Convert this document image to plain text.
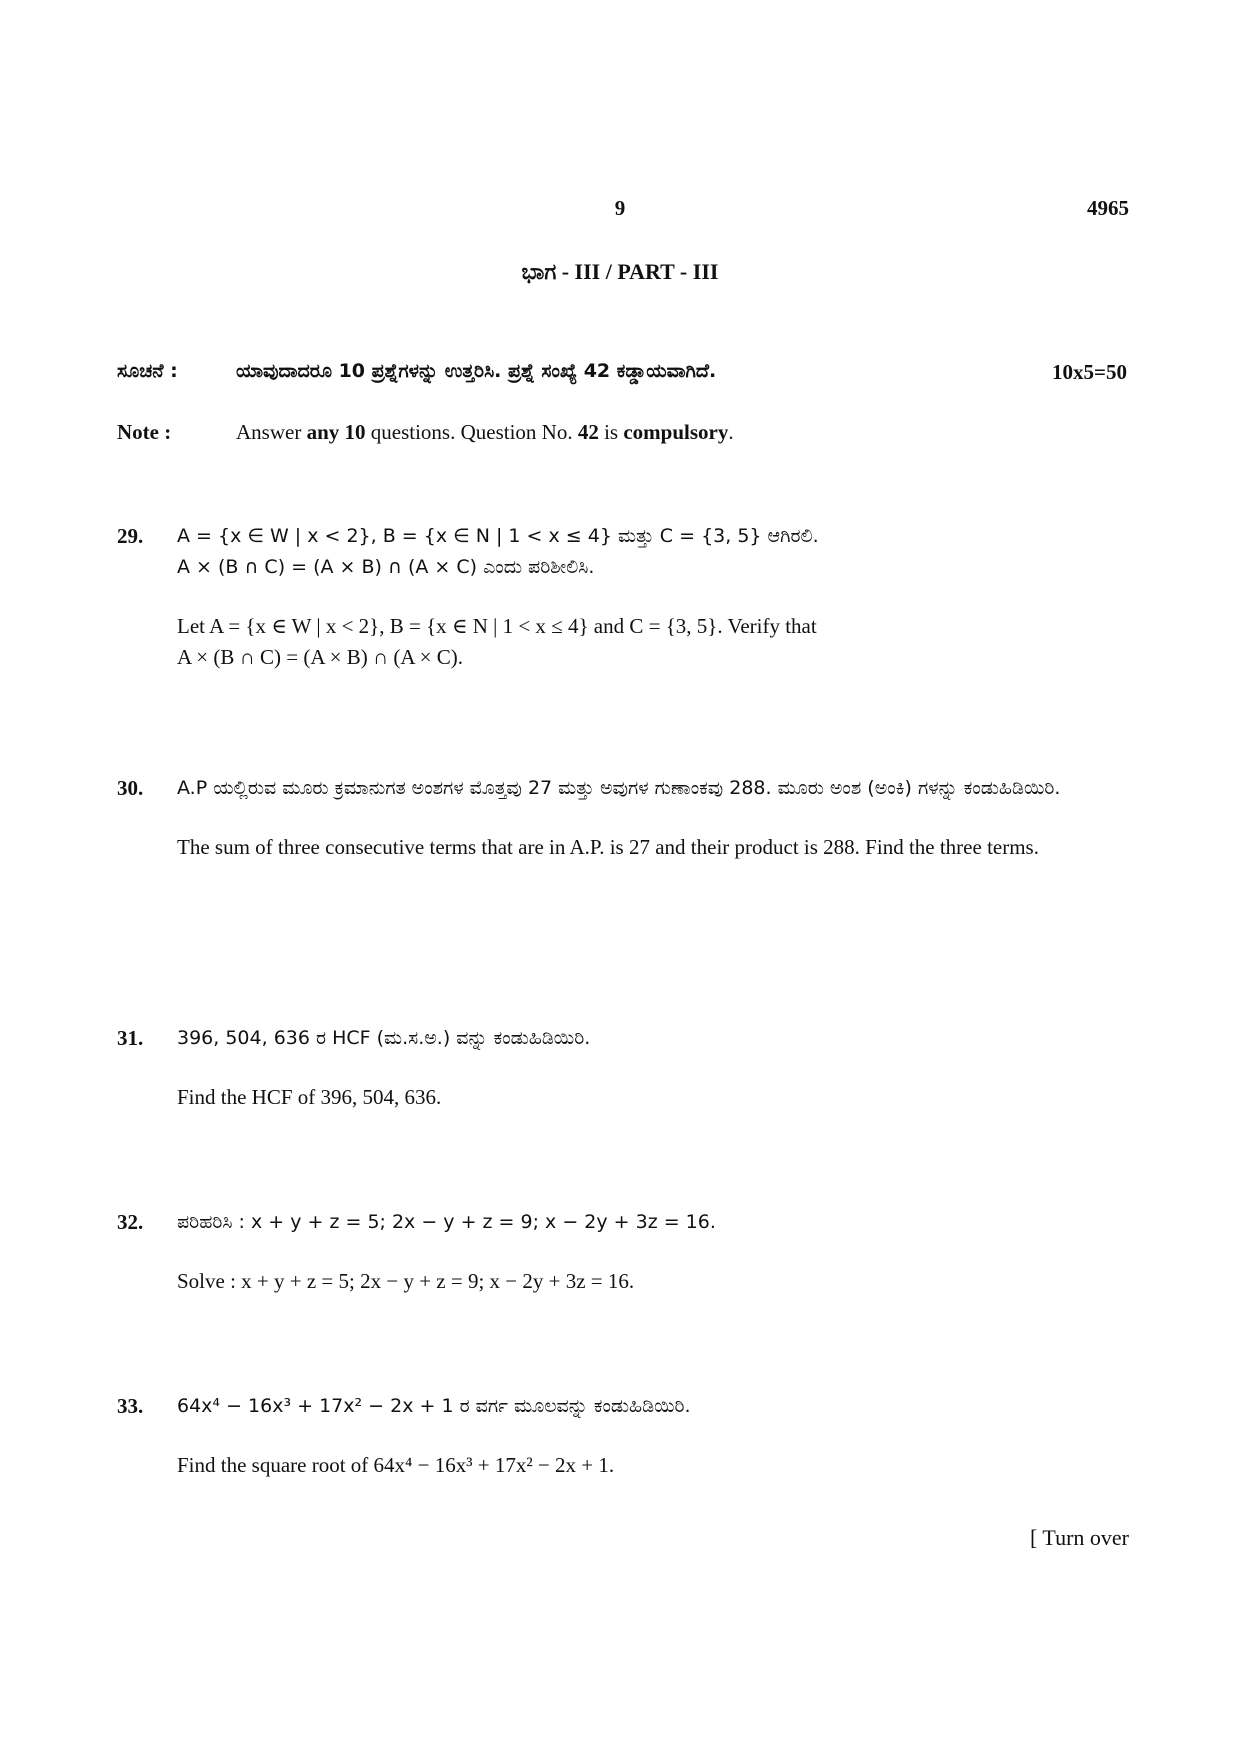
9	4965
ಭಾಗ - III / PART - III
ಸೂಚನೆ :	ಯಾವುದಾದರೂ 10 ಪ್ರಶ್ನೆಗಳನ್ನು ಉತ್ತರಿಸಿ. ಪ್ರಶ್ನೆ ಸಂಖ್ಯೆ 42 ಕಡ್ಡಾಯವಾಗಿದೆ.	10x5=50
Note :	Answer any 10 questions. Question No. 42 is compulsory.
29. A = {x ∈ W | x < 2}, B = {x ∈ N | 1 < x ≤ 4} ಮತ್ತು C = {3, 5} ಆಗಿರಲಿ.
A × (B ∩ C) = (A × B) ∩ (A × C) ಎಂದು ಪರಿಶೀಲಿಸಿ.

Let A = {x ∈ W | x < 2}, B = {x ∈ N | 1 < x ≤ 4} and C = {3, 5}. Verify that
A × (B ∩ C) = (A × B) ∩ (A × C).

30. A.P ಯಲ್ಲಿರುವ ಮೂರು ಕ್ರಮಾನುಗತ ಅಂಶಗಳ ಮೊತ್ತವು 27 ಮತ್ತು ಅವುಗಳ ಗುಣಾಂಕವು 288. ಮೂರು ಅಂಶ (ಅಂಕಿ) ಗಳನ್ನು ಕಂಡುಹಿಡಿಯಿರಿ.

The sum of three consecutive terms that are in A.P. is 27 and their product is 288. Find the three terms.

31. 396, 504, 636 ರ HCF (ಮ.ಸ.ಅ.) ವನ್ನು ಕಂಡುಹಿಡಿಯಿರಿ.

Find the HCF of 396, 504, 636.

32. ಪರಿಹರಿಸಿ : x + y + z = 5; 2x − y + z = 9; x − 2y + 3z = 16.

Solve : x + y + z = 5; 2x − y + z = 9; x − 2y + 3z = 16.

33. 64x⁴ − 16x³ + 17x² − 2x + 1 ರ ವರ್ಗ ಮೂಲವನ್ನು ಕಂಡುಹಿಡಿಯಿರಿ.

Find the square root of 64x⁴ − 16x³ + 17x² − 2x + 1.

[ Turn over
